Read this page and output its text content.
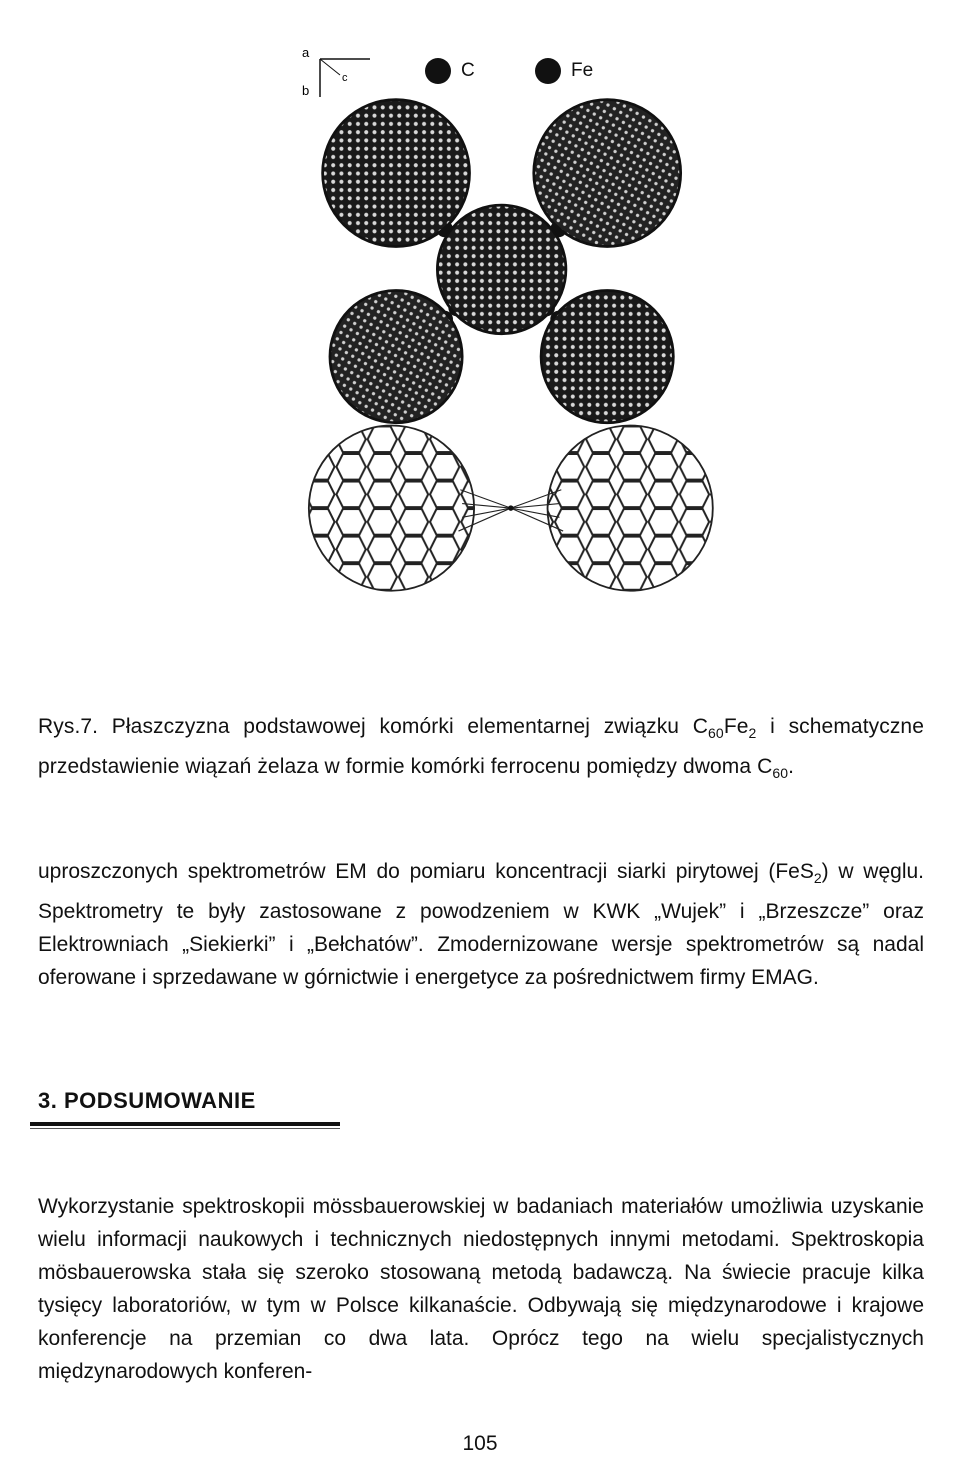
a
b
c	C	Fe

Rys.7. Płaszczyzna podstawowej komórki elementarnej związku $C_{60}Fe_2$ i schematyczne przedstawienie wiązań żelaza w formie komórki ferrocenu pomiędzy dwoma $C_{60}$.

uproszczonych spektrometrów EM do pomiaru koncentracji siarki pirytowej (FeS$_2$) w węglu. Spektrometry te były zastosowane z powodzeniem w KWK „Wujek” i „Brzeszcze” oraz Elektrowniach „Siekierki” i „Bełchatów”. Zmodernizowane wersje spektrometrów są nadal oferowane i sprzedawane w górnictwie i energetyce za pośrednictwem firmy EMAG.

3. PODSUMOWANIE

Wykorzystanie spektroskopii mössbauerowskiej w badaniach materiałów umożliwia uzyskanie wielu informacji naukowych i technicznych niedostępnych innymi metodami. Spektroskopia mösbauerowska stała się szeroko stosowaną metodą badawczą. Na świecie pracuje kilka tysięcy laboratoriów, w tym w Polsce kilkanaście. Odbywają się międzynarodowe i krajowe konferencje na przemian co dwa lata. Oprócz tego na wielu specjalistycznych międzynarodowych konferen-

105
